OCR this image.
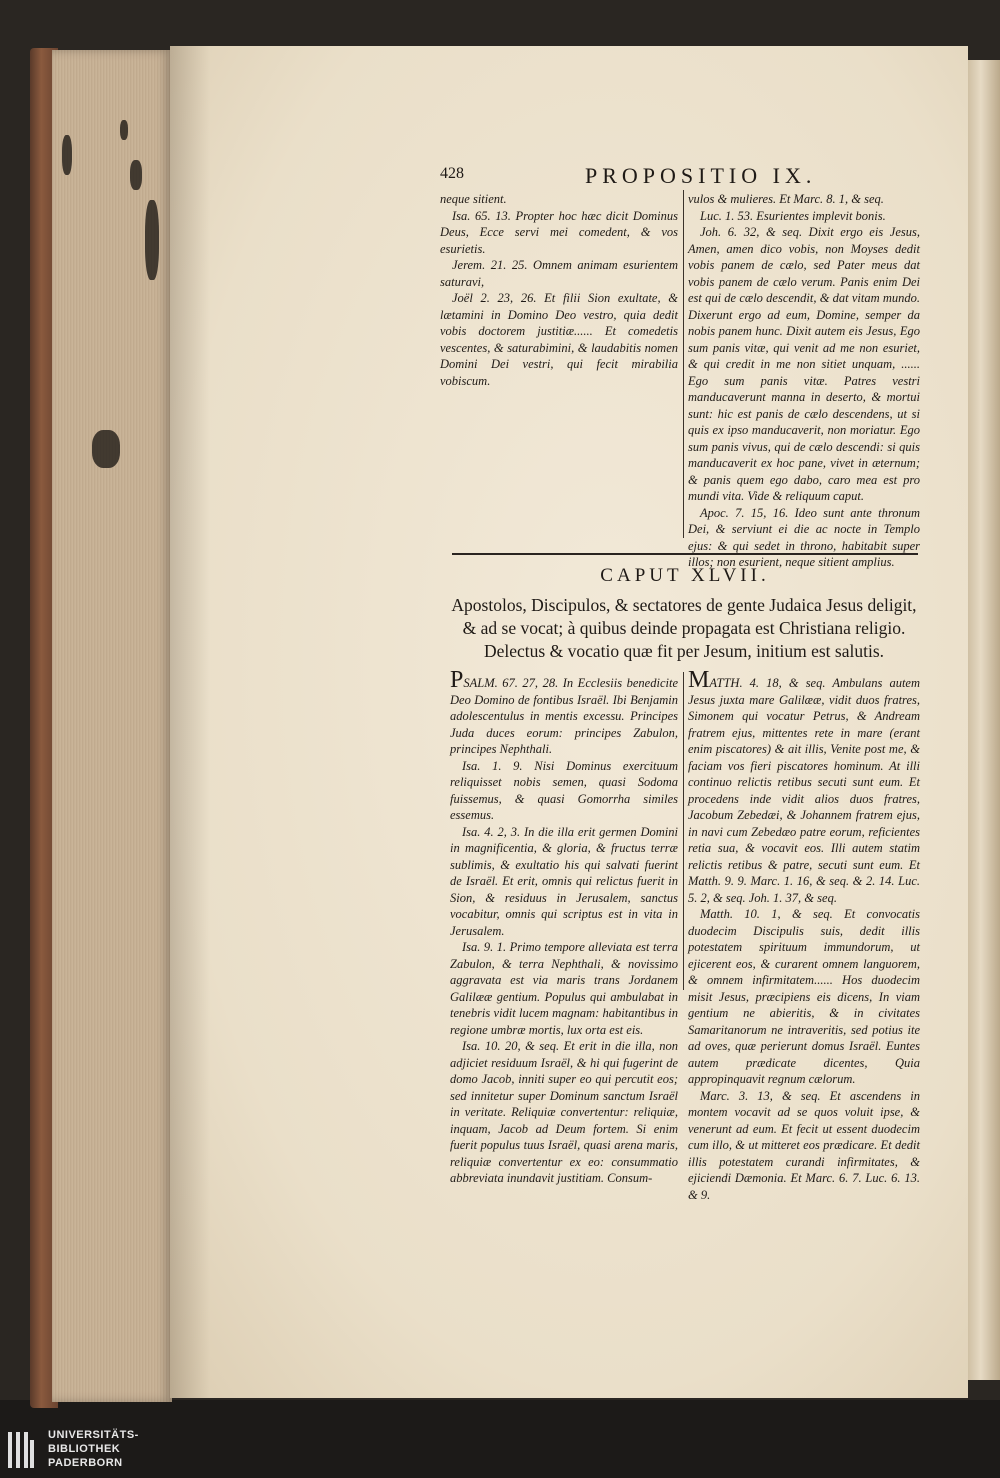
428	PROPOSITIO IX.

neque sitient.

Isa. 65. 13. Propter hoc hæc dicit Dominus Deus, Ecce servi mei comedent, & vos esurietis.

Jerem. 21. 25. Omnem animam esurientem saturavi,

Joël 2. 23, 26. Et filii Sion exultate, & lætamini in Domino Deo vestro, quia dedit vobis doctorem justitiæ...... Et comedetis vescentes, & saturabimini, & laudabitis nomen Domini Dei vestri, qui fecit mirabilia vobiscum.

vulos & mulieres. Et Marc. 8. 1, & seq.

Luc. 1. 53. Esurientes implevit bonis.

Joh. 6. 32, & seq. Dixit ergo eis Jesus, Amen, amen dico vobis, non Moyses dedit vobis panem de cælo, sed Pater meus dat vobis panem de cælo verum. Panis enim Dei est qui de cælo descendit, & dat vitam mundo. Dixerunt ergo ad eum, Domine, semper da nobis panem hunc. Dixit autem eis Jesus, Ego sum panis vitæ, qui venit ad me non esuriet, & qui credit in me non sitiet unquam, ...... Ego sum panis vitæ. Patres vestri manducaverunt manna in deserto, & mortui sunt: hic est panis de cælo descendens, ut si quis ex ipso manducaverit, non moriatur. Ego sum panis vivus, qui de cælo descendi: si quis manducaverit ex hoc pane, vivet in æternum; & panis quem ego dabo, caro mea est pro mundi vita. Vide & reliquum caput.

Apoc. 7. 15, 16. Ideo sunt ante thronum Dei, & serviunt ei die ac nocte in Templo ejus: & qui sedet in throno, habitabit super illos; non esurient, neque sitient amplius.

CAPUT XLVII.
Apostolos, Discipulos, & sectatores de gente Judaica Jesus deligit, & ad se vocat; à quibus deinde propagata est Christiana religio. Delectus & vocatio quæ fit per Jesum, initium est salutis.

PSALM. 67. 27, 28. In Ecclesiis benedicite Deo Domino de fontibus Israël. Ibi Benjamin adolescentulus in mentis excessu. Principes Juda duces eorum: principes Zabulon, principes Nephthali.

Isa. 1. 9. Nisi Dominus exercituum reliquisset nobis semen, quasi Sodoma fuissemus, & quasi Gomorrha similes essemus.

Isa. 4. 2, 3. In die illa erit germen Domini in magnificentia, & gloria, & fructus terræ sublimis, & exultatio his qui salvati fuerint de Israël. Et erit, omnis qui relictus fuerit in Sion, & residuus in Jerusalem, sanctus vocabitur, omnis qui scriptus est in vita in Jerusalem.

Isa. 9. 1. Primo tempore alleviata est terra Zabulon, & terra Nephthali, & novissimo aggravata est via maris trans Jordanem Galilææ gentium. Populus qui ambulabat in tenebris vidit lucem magnam: habitantibus in regione umbræ mortis, lux orta est eis.

Isa. 10. 20, & seq. Et erit in die illa, non adjiciet residuum Israël, & hi qui fugerint de domo Jacob, inniti super eo qui percutit eos; sed innitetur super Dominum sanctum Israël in veritate. Reliquiæ convertentur: reliquiæ, inquam, Jacob ad Deum fortem. Si enim fuerit populus tuus Israël, quasi arena maris, reliquiæ convertentur ex eo: consummatio abbreviata inundavit justitiam. Consum-

MATTH. 4. 18, & seq. Ambulans autem Jesus juxta mare Galilææ, vidit duos fratres, Simonem qui vocatur Petrus, & Andream fratrem ejus, mittentes rete in mare (erant enim piscatores) & ait illis, Venite post me, & faciam vos fieri piscatores hominum. At illi continuo relictis retibus secuti sunt eum. Et procedens inde vidit alios duos fratres, Jacobum Zebedæi, & Johannem fratrem ejus, in navi cum Zebedæo patre eorum, reficientes retia sua, & vocavit eos. Illi autem statim relictis retibus & patre, secuti sunt eum. Et Matth. 9. 9. Marc. 1. 16, & seq. & 2. 14. Luc. 5. 2, & seq. Joh. 1. 37, & seq.

Matth. 10. 1, & seq. Et convocatis duodecim Discipulis suis, dedit illis potestatem spirituum immundorum, ut ejicerent eos, & curarent omnem languorem, & omnem infirmitatem...... Hos duodecim misit Jesus, præcipiens eis dicens, In viam gentium ne abieritis, & in civitates Samaritanorum ne intraveritis, sed potius ite ad oves, quæ perierunt domus Israël. Euntes autem prædicate dicentes, Quia appropinquavit regnum cælorum.

Marc. 3. 13, & seq. Et ascendens in montem vocavit ad se quos voluit ipse, & venerunt ad eum. Et fecit ut essent duodecim cum illo, & ut mitteret eos prædicare. Et dedit illis potestatem curandi infirmitates, & ejiciendi Dæmonia. Et Marc. 6. 7. Luc. 6. 13. & 9.

UNIVERSITÄTS-
BIBLIOTHEK
PADERBORN
